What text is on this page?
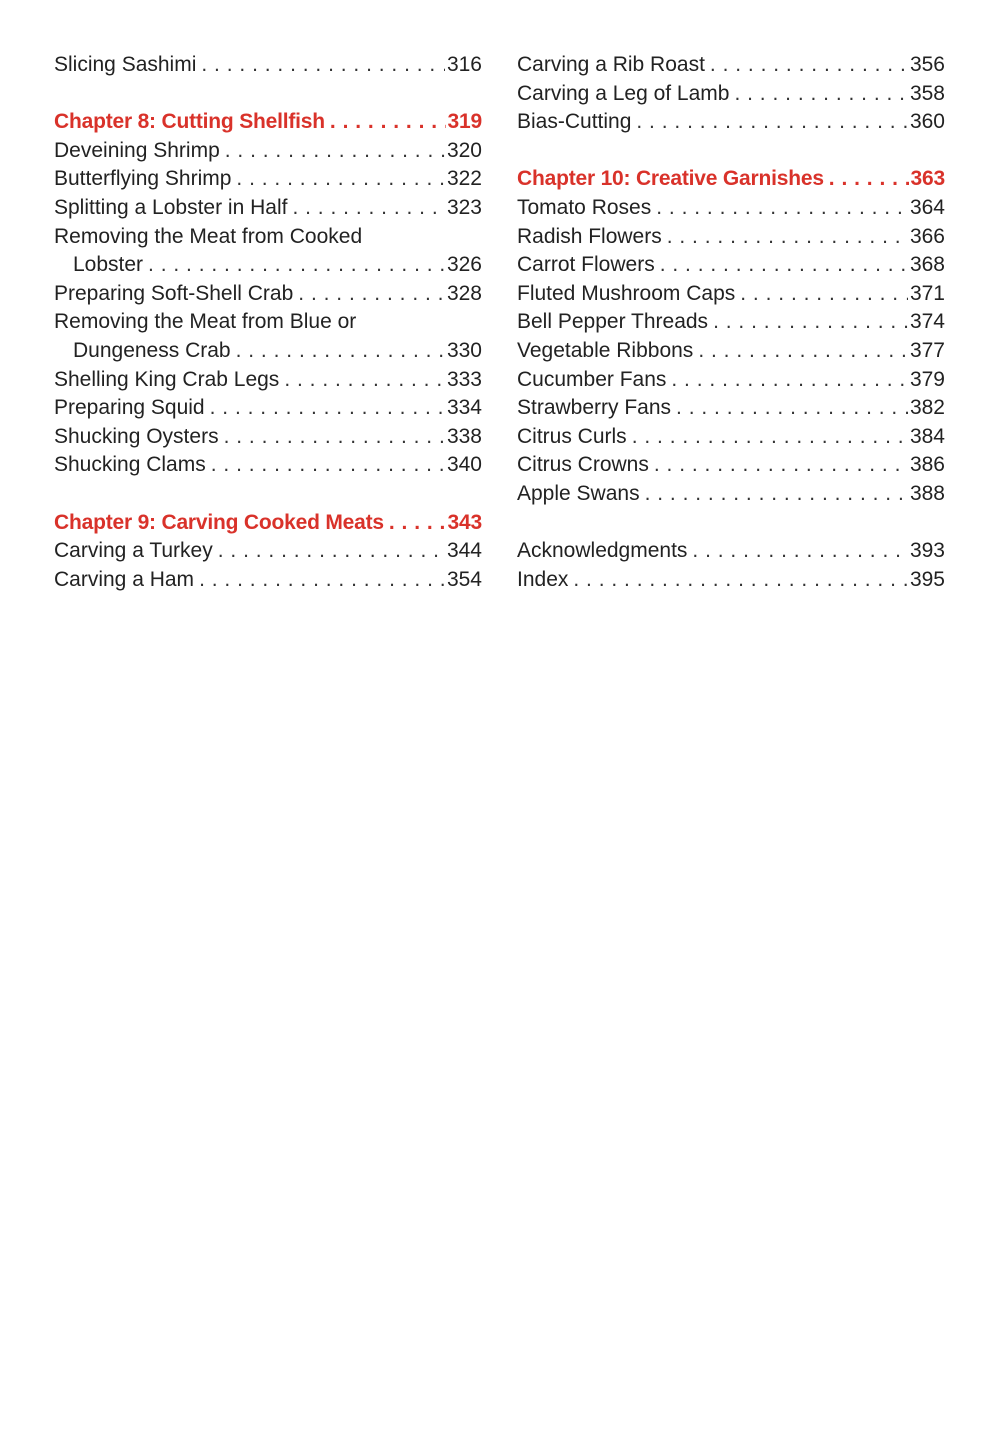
Slicing Sashimi . . .	316
Chapter 8: Cutting Shellfish . . .	319
Deveining Shrimp . . .	320
Butterflying Shrimp . . .	322
Splitting a Lobster in Half . . .	323
Removing the Meat from Cooked
Lobster . . .	326
Preparing Soft-Shell Crab . . .	328
Removing the Meat from Blue or
Dungeness Crab . . .	330
Shelling King Crab Legs . . .	333
Preparing Squid . . .	334
Shucking Oysters . . .	338
Shucking Clams . . .	340
Chapter 9: Carving Cooked Meats . . .	343
Carving a Turkey . . .	344
Carving a Ham . . .	354
Carving a Rib Roast . . .	356
Carving a Leg of Lamb . . .	358
Bias-Cutting . . .	360
Chapter 10: Creative Garnishes . . .	363
Tomato Roses . . .	364
Radish Flowers . . .	366
Carrot Flowers . . .	368
Fluted Mushroom Caps . . .	371
Bell Pepper Threads . . .	374
Vegetable Ribbons . . .	377
Cucumber Fans . . .	379
Strawberry Fans . . .	382
Citrus Curls . . .	384
Citrus Crowns . . .	386
Apple Swans . . .	388
Acknowledgments . . .	393
Index . . .	395
